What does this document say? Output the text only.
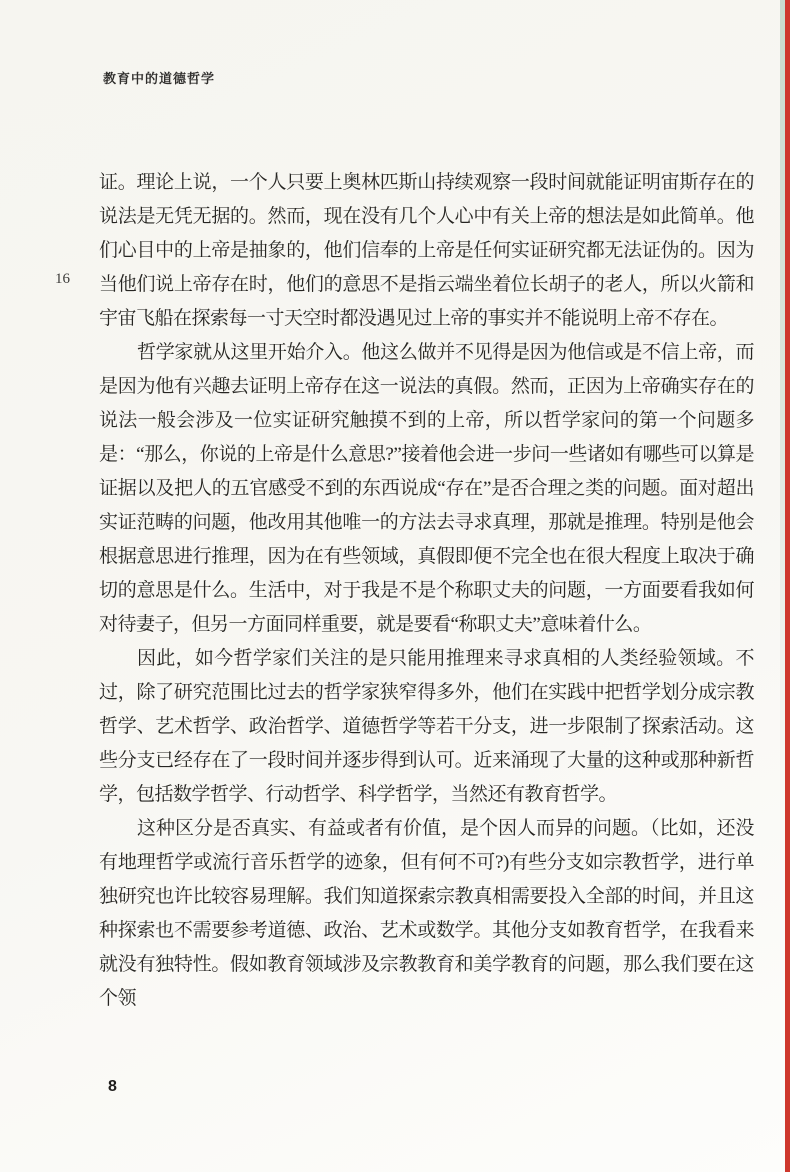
教育中的道德哲学
16

证。理论上说，一个人只要上奥林匹斯山持续观察一段时间就能证明宙斯存在的说法是无凭无据的。然而，现在没有几个人心中有关上帝的想法是如此简单。他们心目中的上帝是抽象的，他们信奉的上帝是任何实证研究都无法证伪的。因为当他们说上帝存在时，他们的意思不是指云端坐着位长胡子的老人，所以火箭和宇宙飞船在探索每一寸天空时都没遇见过上帝的事实并不能说明上帝不存在。

哲学家就从这里开始介入。他这么做并不见得是因为他信或是不信上帝，而是因为他有兴趣去证明上帝存在这一说法的真假。然而，正因为上帝确实存在的说法一般会涉及一位实证研究触摸不到的上帝，所以哲学家问的第一个问题多是：“那么，你说的上帝是什么意思?”接着他会进一步问一些诸如有哪些可以算是证据以及把人的五官感受不到的东西说成“存在”是否合理之类的问题。面对超出实证范畴的问题，他改用其他唯一的方法去寻求真理，那就是推理。特别是他会根据意思进行推理，因为在有些领域，真假即便不完全也在很大程度上取决于确切的意思是什么。生活中，对于我是不是个称职丈夫的问题，一方面要看我如何对待妻子，但另一方面同样重要，就是要看“称职丈夫”意味着什么。

因此，如今哲学家们关注的是只能用推理来寻求真相的人类经验领域。不过，除了研究范围比过去的哲学家狭窄得多外，他们在实践中把哲学划分成宗教哲学、艺术哲学、政治哲学、道德哲学等若干分支，进一步限制了探索活动。这些分支已经存在了一段时间并逐步得到认可。近来涌现了大量的这种或那种新哲学，包括数学哲学、行动哲学、科学哲学，当然还有教育哲学。

这种区分是否真实、有益或者有价值，是个因人而异的问题。（比如，还没有地理哲学或流行音乐哲学的迹象，但有何不可?)有些分支如宗教哲学，进行单独研究也许比较容易理解。我们知道探索宗教真相需要投入全部的时间，并且这种探索也不需要参考道德、政治、艺术或数学。其他分支如教育哲学，在我看来就没有独特性。假如教育领域涉及宗教教育和美学教育的问题，那么我们要在这个领

8
